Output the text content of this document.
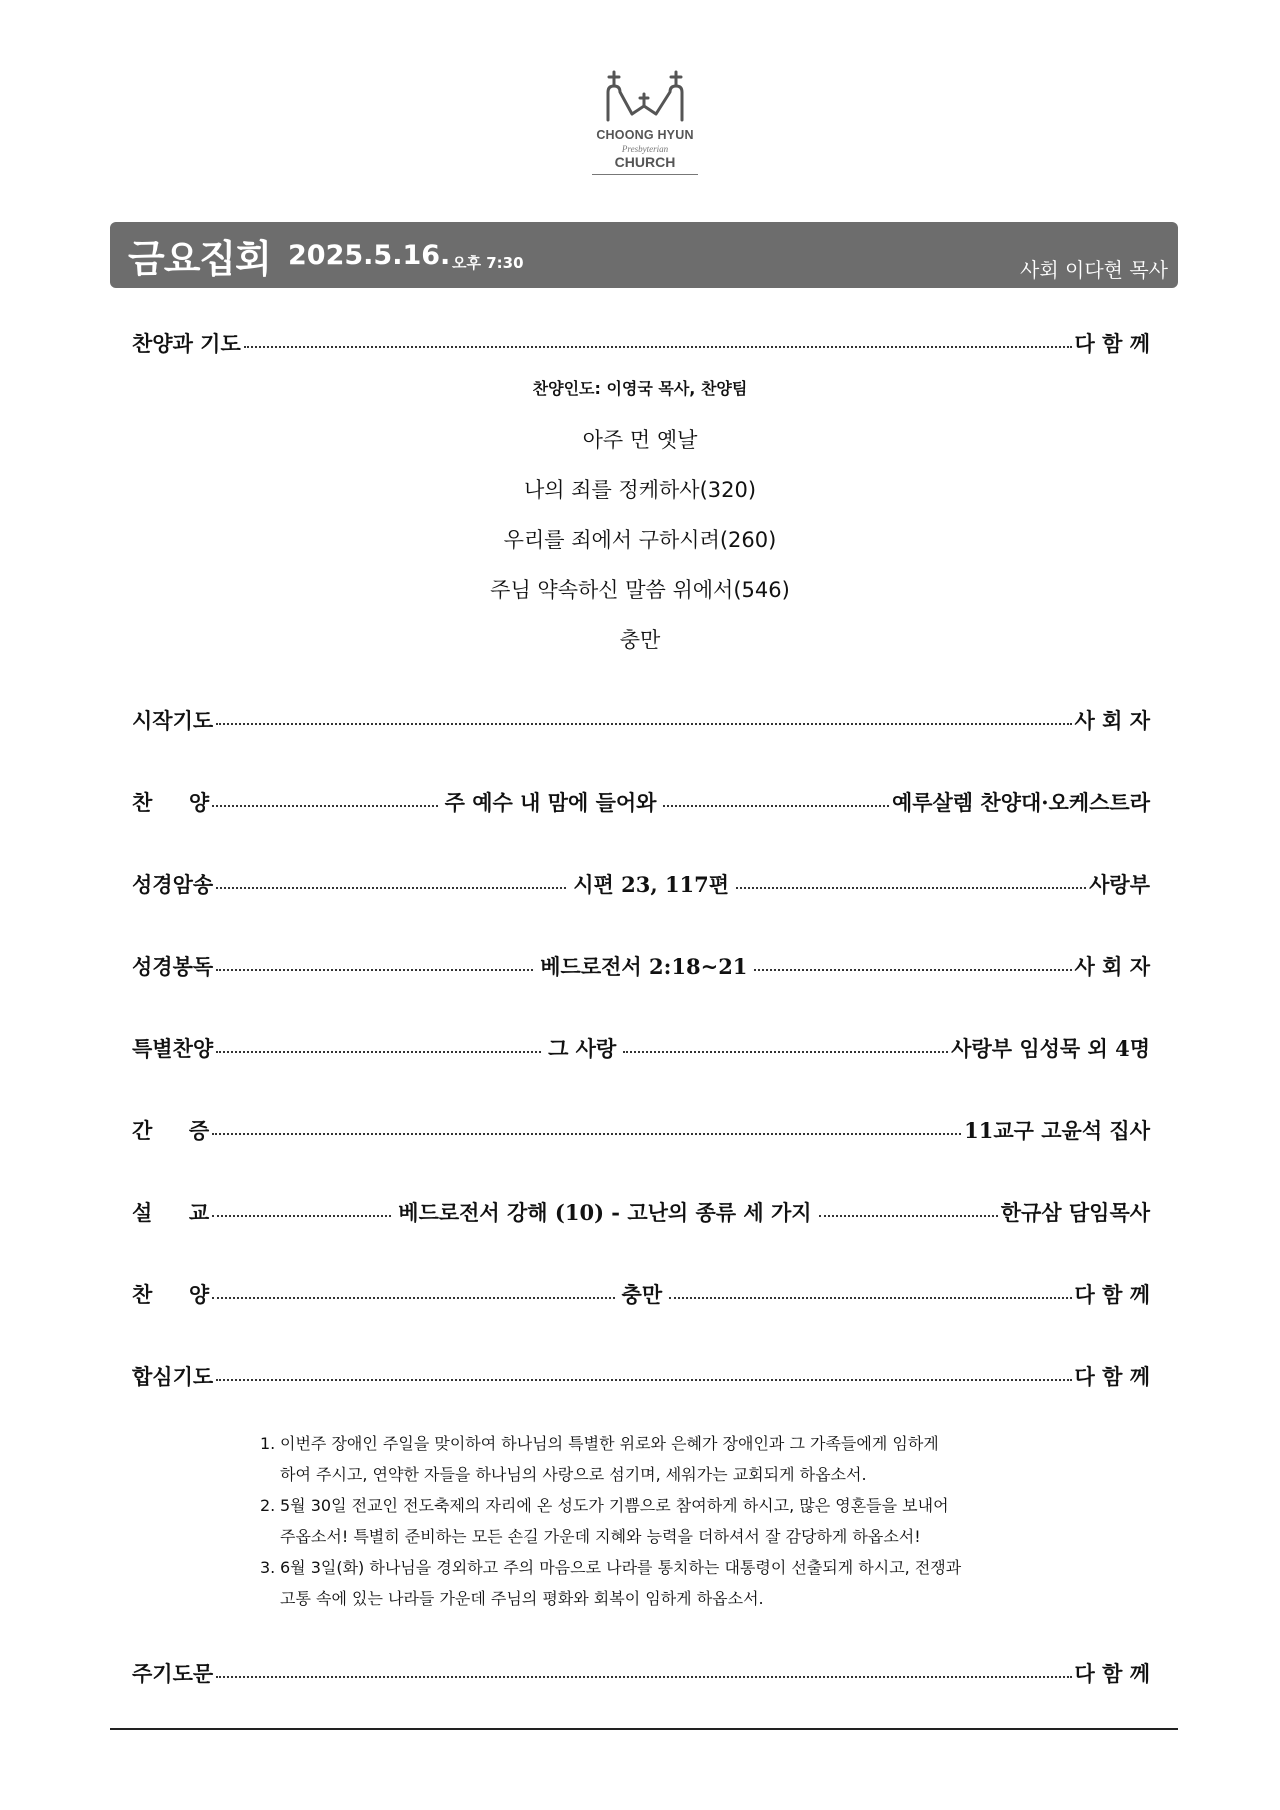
CHOONG HYUN
Presbyterian
CHURCH
금요집회 2025.5.16. 오후 7:30	사회 이다현 목사
찬양과 기도	다 함 께
찬양인도: 이영국 목사, 찬양팀
아주 먼 옛날
나의 죄를 정케하사(320)
우리를 죄에서 구하시려(260)
주님 약속하신 말씀 위에서(546)
충만
시작기도	사 회 자
찬     양	주 예수 내 맘에 들어와	예루살렘 찬양대·오케스트라
성경암송	시편 23, 117편	사랑부
성경봉독	베드로전서 2:18~21	사 회 자
특별찬양	그 사랑	사랑부 임성묵 외 4명
간     증	11교구 고윤석 집사
설     교	베드로전서 강해 (10) - 고난의 종류 세 가지	한규삼 담임목사
찬     양	충만	다 함 께
합심기도	다 함 께
1. 이번주 장애인 주일을 맞이하여 하나님의 특별한 위로와 은혜가 장애인과 그 가족들에게 임하게
하여 주시고, 연약한 자들을 하나님의 사랑으로 섬기며, 세워가는 교회되게 하옵소서.
2. 5월 30일 전교인 전도축제의 자리에 온 성도가 기쁨으로 참여하게 하시고, 많은 영혼들을 보내어
주옵소서! 특별히 준비하는 모든 손길 가운데 지혜와 능력을 더하셔서 잘 감당하게 하옵소서!
3. 6월 3일(화) 하나님을 경외하고 주의 마음으로 나라를 통치하는 대통령이 선출되게 하시고, 전쟁과
고통 속에 있는 나라들 가운데 주님의 평화와 회복이 임하게 하옵소서.
주기도문	다 함 께
